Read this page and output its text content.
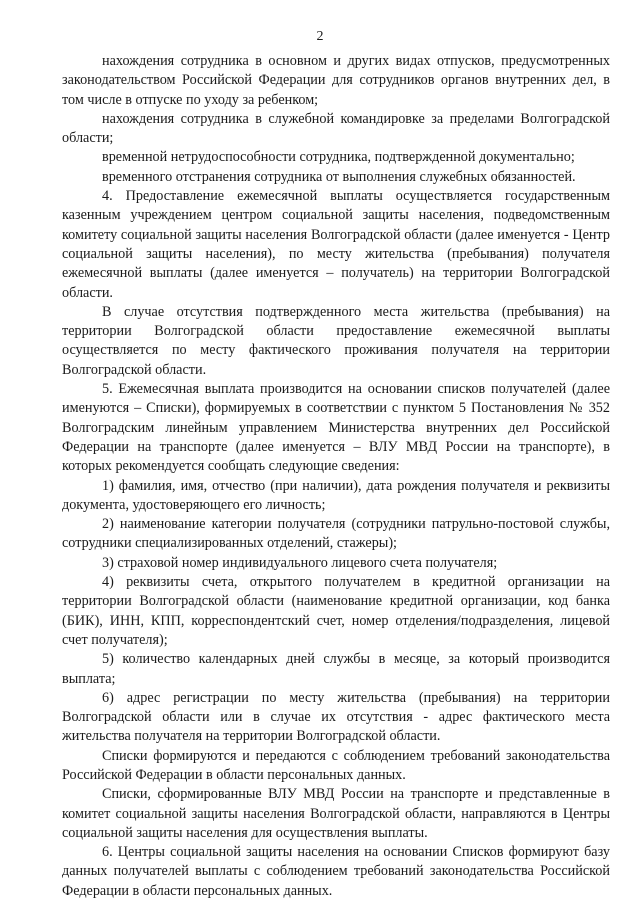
2

нахождения сотрудника в основном и других видах отпусков, предусмотренных законодательством Российской Федерации для сотрудников органов внутренних дел, в том числе в отпуске по уходу за ребенком;

нахождения сотрудника в служебной командировке за пределами Волгоградской области;

временной нетрудоспособности сотрудника, подтвержденной документально;

временного отстранения сотрудника от выполнения служебных обязанностей.

4. Предоставление ежемесячной выплаты осуществляется государственным казенным учреждением центром социальной защиты населения, подведомственным комитету социальной защиты населения Волгоградской области (далее именуется - Центр социальной защиты населения), по месту жительства (пребывания) получателя ежемесячной выплаты (далее именуется – получатель) на территории Волгоградской области.

В случае отсутствия подтвержденного места жительства (пребывания) на территории Волгоградской области предоставление ежемесячной выплаты осуществляется по месту фактического проживания получателя на территории Волгоградской области.

5. Ежемесячная выплата производится на основании списков получателей (далее именуются – Списки), формируемых в соответствии с пунктом 5 Постановления № 352 Волгоградским линейным управлением Министерства внутренних дел Российской Федерации на транспорте (далее именуется – ВЛУ МВД России на транспорте), в которых рекомендуется сообщать следующие сведения:

1) фамилия, имя, отчество (при наличии), дата рождения получателя и реквизиты документа, удостоверяющего его личность;

2) наименование категории получателя (сотрудники патрульно-постовой службы, сотрудники специализированных отделений, стажеры);

3) страховой номер индивидуального лицевого счета получателя;

4) реквизиты счета, открытого получателем в кредитной организации на территории Волгоградской области (наименование кредитной организации, код банка (БИК), ИНН, КПП, корреспондентский счет, номер отделения/подразделения, лицевой счет получателя);

5) количество календарных дней службы в месяце, за который производится выплата;

6) адрес регистрации по месту жительства (пребывания) на территории Волгоградской области или в случае их отсутствия - адрес фактического места жительства получателя на территории Волгоградской области.

Списки формируются и передаются с соблюдением требований законодательства Российской Федерации в области персональных данных.

Списки, сформированные ВЛУ МВД России на транспорте и представленные в комитет социальной защиты населения Волгоградской области, направляются в Центры социальной защиты населения для осуществления выплаты.

6. Центры социальной защиты населения на основании Списков формируют базу данных получателей выплаты с соблюдением требований законодательства Российской Федерации в области персональных данных.
